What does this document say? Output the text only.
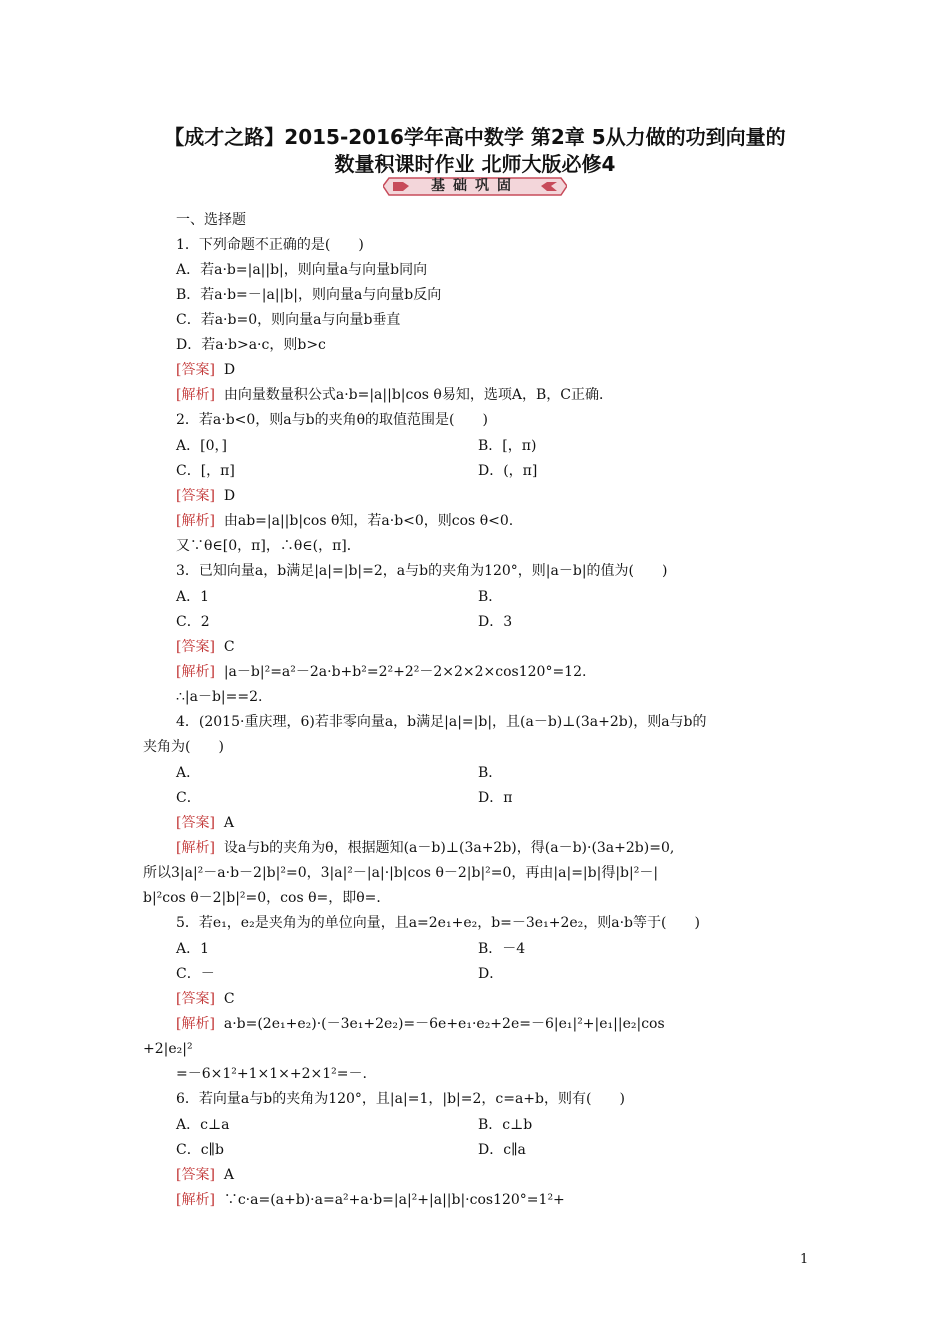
【成才之路】2015-2016学年高中数学 第2章 5从力做的功到向量的
数量积课时作业 北师大版必修4
基础巩固
一、选择题
1．下列命题不正确的是(　　)
A．若a·b=|a||b|，则向量a与向量b同向
B．若a·b=－|a||b|，则向量a与向量b反向
C．若a·b=0，则向量a与向量b垂直
D．若a·b>a·c，则b>c
[答案] D
[解析] 由向量数量积公式a·b=|a||b|cos θ易知，选项A，B，C正确．
2．若a·b<0，则a与b的夹角θ的取值范围是(　　)
A．[0，]	B．[，π)
C．[，π]	D．(，π]
[答案] D
[解析] 由ab=|a||b|cos θ知，若a·b<0，则cos θ<0.
又∵θ∈[0，π]，∴θ∈(，π]．
3．已知向量a，b满足|a|=|b|=2，a与b的夹角为120°，则|a－b|的值为(　　)
A．1	B．
C．2	D．3
[答案] C
[解析] |a－b|²=a²－2a·b+b²=2²+2²－2×2×2×cos120°=12.
∴|a－b|==2.
4．(2015·重庆理，6)若非零向量a，b满足|a|=|b|，且(a－b)⊥(3a+2b)，则a与b的
夹角为(　　)
A．	B．
C．	D．π
[答案] A
[解析] 设a与b的夹角为θ，根据题知(a－b)⊥(3a+2b)，得(a－b)·(3a+2b)=0,
所以3|a|²－a·b－2|b|²=0，3|a|²－|a|·|b|cos θ－2|b|²=0，再由|a|=|b|得|b|²－|
b|²cos θ－2|b|²=0，cos θ=，即θ=．
5．若e₁，e₂是夹角为的单位向量，且a=2e₁+e₂，b=－3e₁+2e₂，则a·b等于(　　)
A．1	B．－4
C．－	D．
[答案] C
[解析] a·b=(2e₁+e₂)·(－3e₁+2e₂)=－6e+e₁·e₂+2e=－6|e₁|²+|e₁||e₂|cos
+2|e₂|²
=－6×1²+1×1×+2×1²=－.
6．若向量a与b的夹角为120°，且|a|=1，|b|=2，c=a+b，则有(　　)
A．c⊥a	B．c⊥b
C．c∥b	D．c∥a
[答案] A
[解析] ∵c·a=(a+b)·a=a²+a·b=|a|²+|a||b|·cos120°=1²+
1
